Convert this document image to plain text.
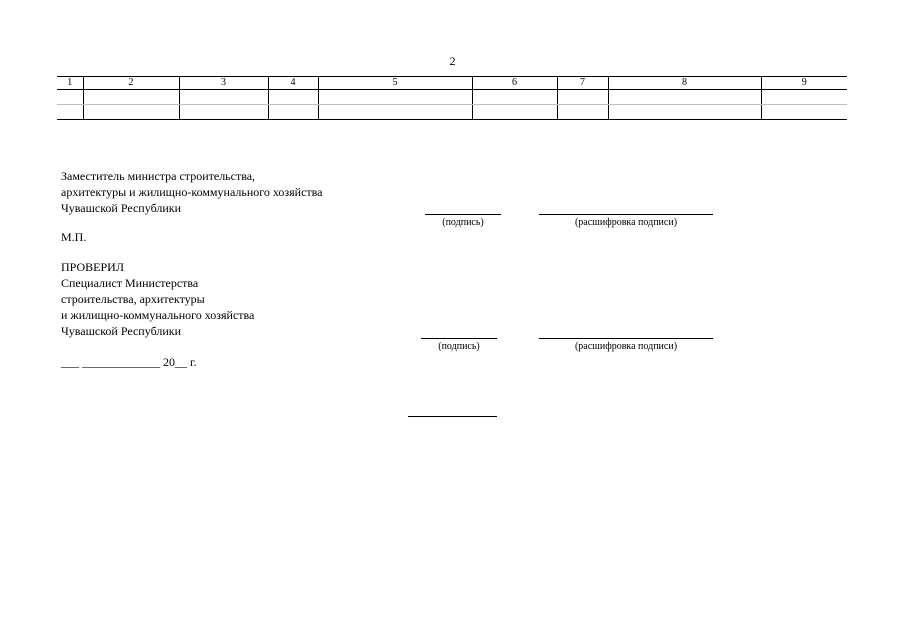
2
1	2	3	4	5	6	7	8	9

Заместитель министра строительства,
архитектуры и жилищно-коммунального хозяйства
Чувашской Республики
(подпись)	(расшифровка подписи)
М.П.
ПРОВЕРИЛ
Специалист Министерства
строительства, архитектуры
и жилищно-коммунального хозяйства
Чувашской Республики
(подпись)	(расшифровка подписи)
___ _____________ 20__ г.
